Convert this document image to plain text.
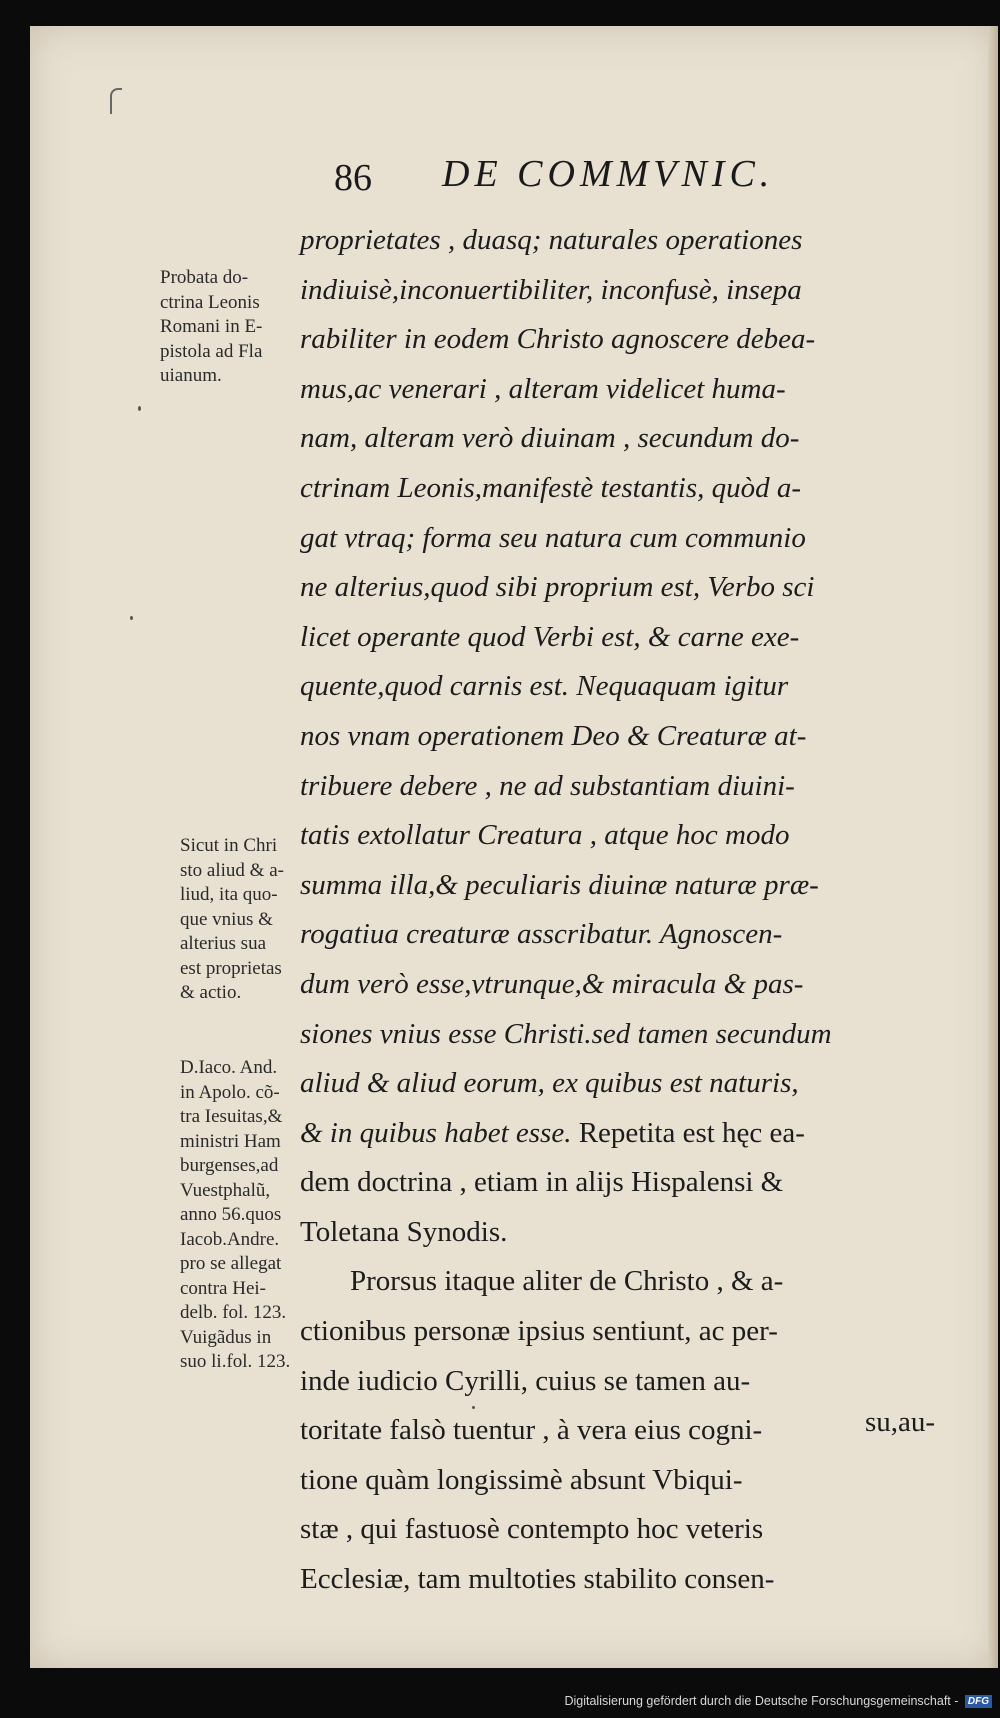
86 DE COMMVNIC.
Probata do-
ctrina Leonis
Romani in E-
pistola ad Fla
uianum.
Sicut in Chri
sto aliud & a-
liud, ita quo-
que vnius &
alterius sua
est proprietas
& actio.
D.Iaco. And.
in Apolo. cõ-
tra Iesuitas,&
ministri Ham
burgenses,ad
Vuestphalũ,
anno 56.quos
Iacob.Andre.
pro se allegat
contra Hei-
delb. fol. 123.
Vuigãdus in
suo li.fol. 123.
proprietates , duasq; naturales operationes
indiuisè,inconuertibiliter, inconfusè, insepa
rabiliter in eodem Christo agnoscere debea-
mus,ac venerari , alteram videlicet huma-
nam, alteram verò diuinam , secundum do-
ctrinam Leonis,manifestè testantis, quòd a-
gat vtraq; forma seu natura cum communio
ne alterius,quod sibi proprium est, Verbo sci
licet operante quod Verbi est, & carne exe-
quente,quod carnis est. Nequaquam igitur
nos vnam operationem Deo & Creaturæ at-
tribuere debere , ne ad substantiam diuini-
tatis extollatur Creatura , atque hoc modo
summa illa,& peculiaris diuinæ naturæ præ-
rogatiua creaturæ asscribatur. Agnoscen-
dum verò esse,vtrunque,& miracula & pas-
siones vnius esse Christi.sed tamen secundum
aliud & aliud eorum, ex quibus est naturis,
& in quibus habet esse. Repetita est hęc ea-
dem doctrina , etiam in alijs Hispalensi &
Toletana Synodis.
Prorsus itaque aliter de Christo , & a-
ctionibus personæ ipsius sentiunt, ac per-
inde iudicio Cyrilli, cuius se tamen au-
toritate falsò tuentur , à vera eius cogni-
tione quàm longissimè absunt Vbiqui-
stæ , qui fastuosè contempto hoc veteris
Ecclesiæ, tam multoties stabilito consen-
su,au-
Digitalisierung gefördert durch die Deutsche Forschungsgemeinschaft - DFG
